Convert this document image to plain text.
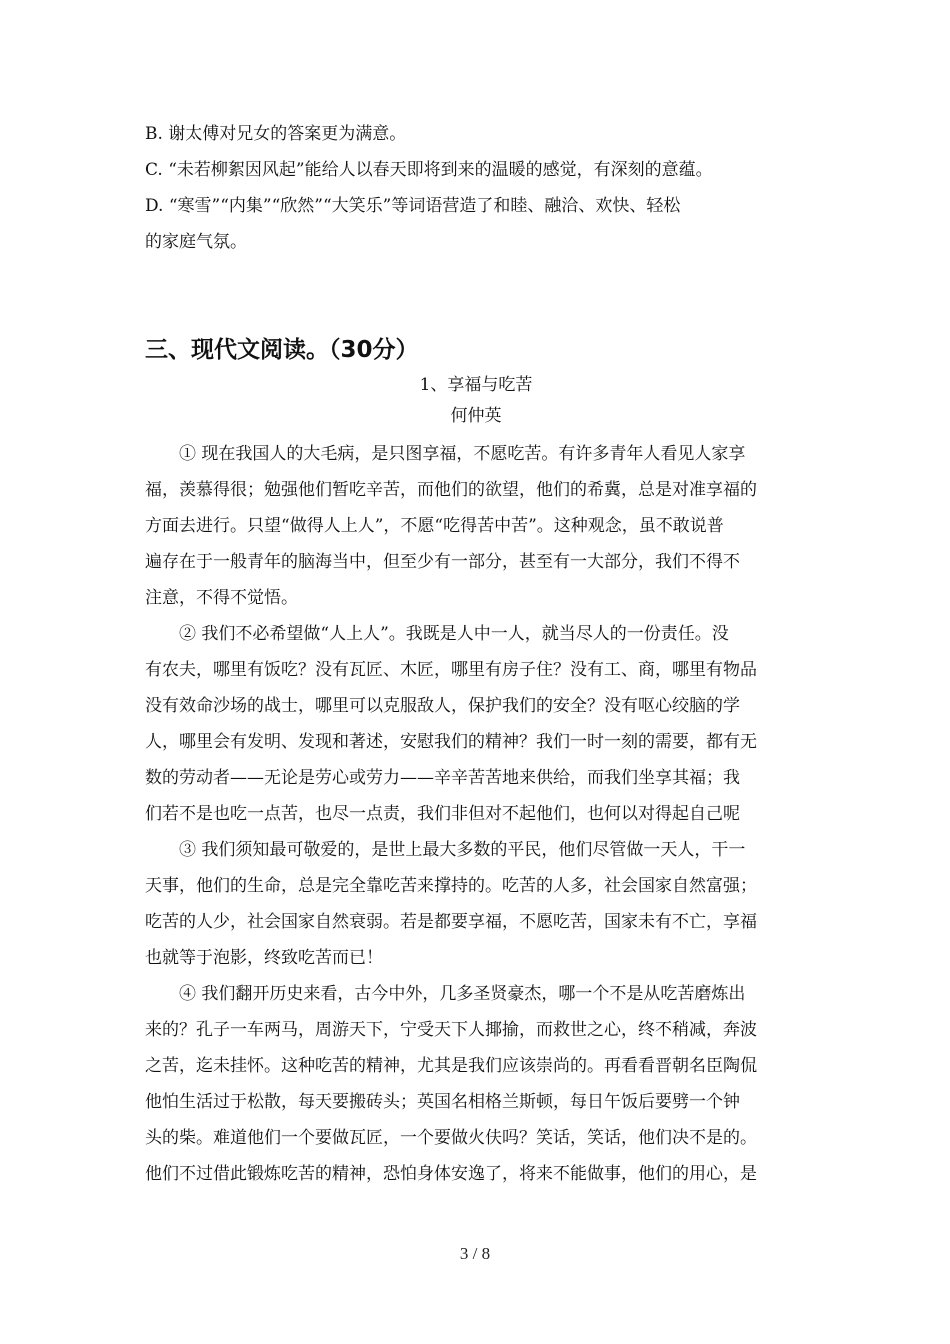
B. 谢太傅对兄女的答案更为满意。
C. “未若柳絮因风起”能给人以春天即将到来的温暖的感觉，有深刻的意蕴。
D. “寒雪”“内集”“欣然”“大笑乐”等词语营造了和睦、融洽、欢快、轻松
的家庭气氛。
三、现代文阅读。（30分）
1、享福与吃苦
何仲英
① 现在我国人的大毛病，是只图享福，不愿吃苦。有许多青年人看见人家享
福，羡慕得很；勉强他们暂吃辛苦，而他们的欲望，他们的希冀，总是对准享福的
方面去进行。只望“做得人上人”，不愿“吃得苦中苦”。这种观念，虽不敢说普
遍存在于一般青年的脑海当中，但至少有一部分，甚至有一大部分，我们不得不
注意，不得不觉悟。
② 我们不必希望做“人上人”。我既是人中一人，就当尽人的一份责任。没
有农夫，哪里有饭吃？没有瓦匠、木匠，哪里有房子住？没有工、商，哪里有物品
没有效命沙场的战士，哪里可以克服敌人，保护我们的安全？没有呕心绞脑的学
人，哪里会有发明、发现和著述，安慰我们的精神？我们一时一刻的需要，都有无
数的劳动者——无论是劳心或劳力——辛辛苦苦地来供给，而我们坐享其福；我
们若不是也吃一点苦，也尽一点责，我们非但对不起他们，也何以对得起自己呢
③ 我们须知最可敬爱的，是世上最大多数的平民，他们尽管做一天人，干一
天事，他们的生命，总是完全靠吃苦来撑持的。吃苦的人多，社会国家自然富强；
吃苦的人少，社会国家自然衰弱。若是都要享福，不愿吃苦，国家未有不亡，享福
也就等于泡影，终致吃苦而已！
④ 我们翻开历史来看，古今中外，几多圣贤豪杰，哪一个不是从吃苦磨炼出
来的？孔子一车两马，周游天下，宁受天下人揶揄，而救世之心，终不稍减，奔波
之苦，迄未挂怀。这种吃苦的精神，尤其是我们应该崇尚的。再看看晋朝名臣陶侃
他怕生活过于松散，每天要搬砖头；英国名相格兰斯顿，每日午饭后要劈一个钟
头的柴。难道他们一个要做瓦匠，一个要做火伕吗？笑话，笑话，他们决不是的。
他们不过借此锻炼吃苦的精神，恐怕身体安逸了，将来不能做事，他们的用心，是
3 / 8
